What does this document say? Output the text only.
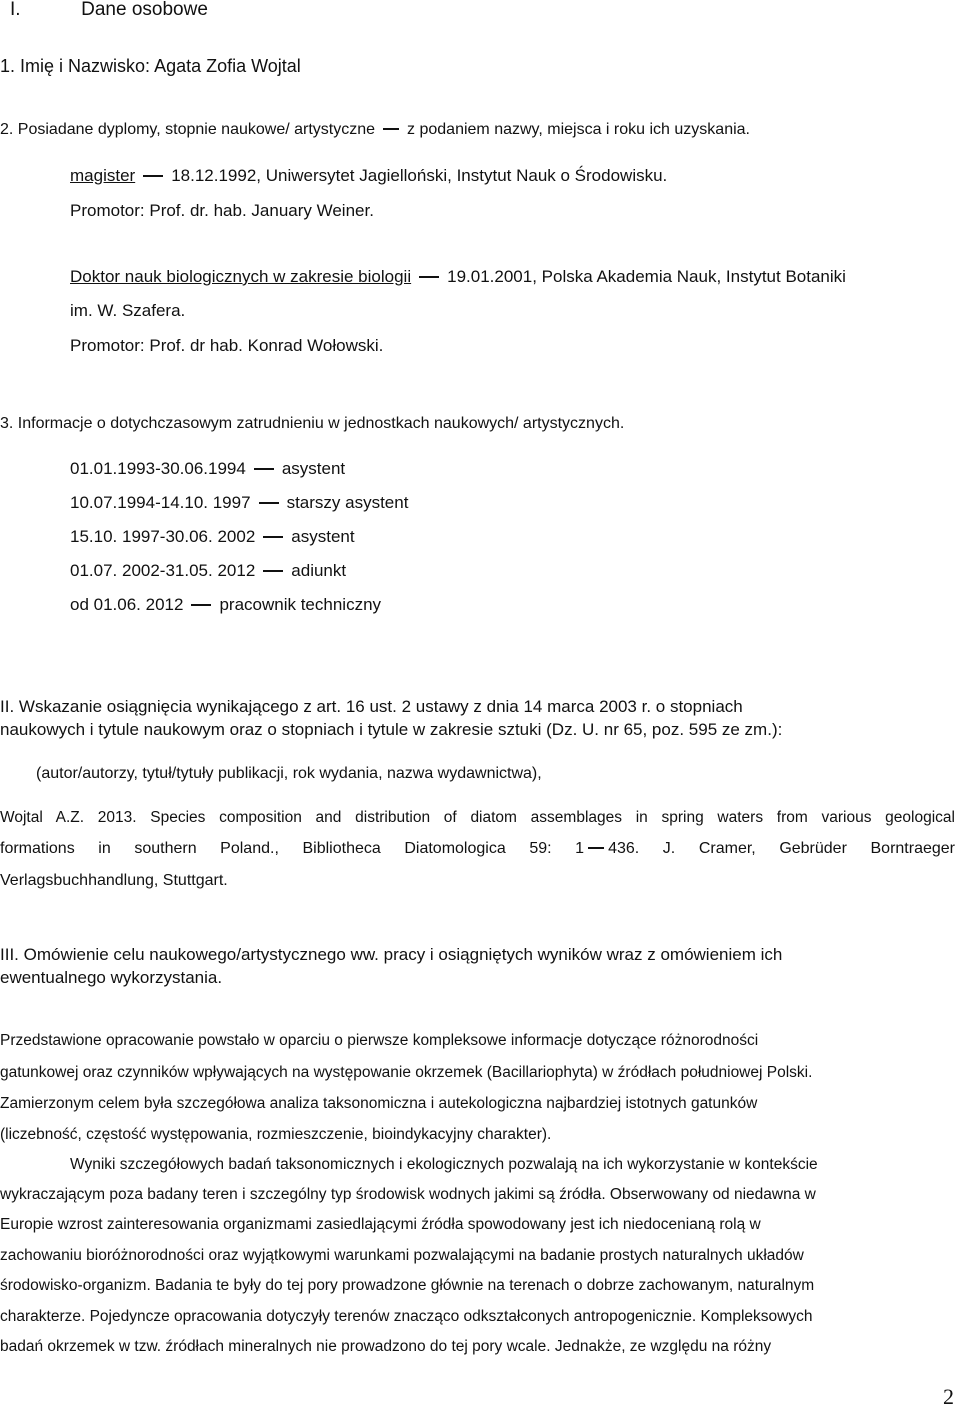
I.	Dane osobowe
1. Imię i Nazwisko: Agata Zofia Wojtal
2. Posiadane dyplomy, stopnie naukowe/ artystyczne z podaniem nazwy, miejsca i roku ich uzyskania.
magister 18.12.1992, Uniwersytet Jagielloński, Instytut Nauk o Środowisku.
Promotor: Prof. dr. hab. January Weiner.
Doktor nauk biologicznych w zakresie biologii 19.01.2001, Polska Akademia Nauk, Instytut Botaniki
im. W. Szafera.
Promotor: Prof. dr hab. Konrad Wołowski.
3. Informacje o dotychczasowym zatrudnieniu w jednostkach naukowych/ artystycznych.
01.01.1993-30.06.1994 asystent
10.07.1994-14.10. 1997 starszy asystent
15.10. 1997-30.06. 2002 asystent
01.07. 2002-31.05. 2012 adiunkt
od 01.06. 2012 pracownik techniczny
II. Wskazanie osiągnięcia wynikającego z art. 16 ust. 2 ustawy z dnia 14 marca 2003 r. o stopniach
naukowych i tytule naukowym oraz o stopniach i tytule w zakresie sztuki (Dz. U. nr 65, poz. 595 ze zm.):
(autor/autorzy, tytuł/tytuły publikacji, rok wydania, nazwa wydawnictwa),
Wojtal A.Z. 2013. Species composition and distribution of diatom assemblages in spring waters from various geological
formations in southern Poland., Bibliotheca Diatomologica 59: 1 436. J. Cramer, Gebrüder Borntraeger
Verlagsbuchhandlung, Stuttgart.
III. Omówienie celu naukowego/artystycznego ww. pracy i osiągniętych wyników wraz z omówieniem ich
ewentualnego wykorzystania.
Przedstawione opracowanie powstało w oparciu o pierwsze kompleksowe informacje dotyczące różnorodności
gatunkowej oraz czynników wpływających na występowanie okrzemek (Bacillariophyta) w źródłach południowej Polski.
Zamierzonym celem była szczegółowa analiza taksonomiczna i autekologiczna najbardziej istotnych gatunków
(liczebność, częstość występowania, rozmieszczenie, bioindykacyjny charakter).
Wyniki szczegółowych badań taksonomicznych i ekologicznych pozwalają na ich wykorzystanie w kontekście
wykraczającym poza badany teren i szczególny typ środowisk wodnych jakimi są źródła. Obserwowany od niedawna w
Europie wzrost zainteresowania organizmami zasiedlającymi źródła spowodowany jest ich niedocenianą rolą w
zachowaniu bioróżnorodności oraz wyjątkowymi warunkami pozwalającymi na badanie prostych naturalnych układów
środowisko-organizm. Badania te były do tej pory prowadzone głównie na terenach o dobrze zachowanym, naturalnym
charakterze. Pojedyncze opracowania dotyczyły terenów znacząco odkształconych antropogenicznie. Kompleksowych
badań okrzemek w tzw. źródłach mineralnych nie prowadzono do tej pory wcale. Jednakże, ze względu na różny
2
